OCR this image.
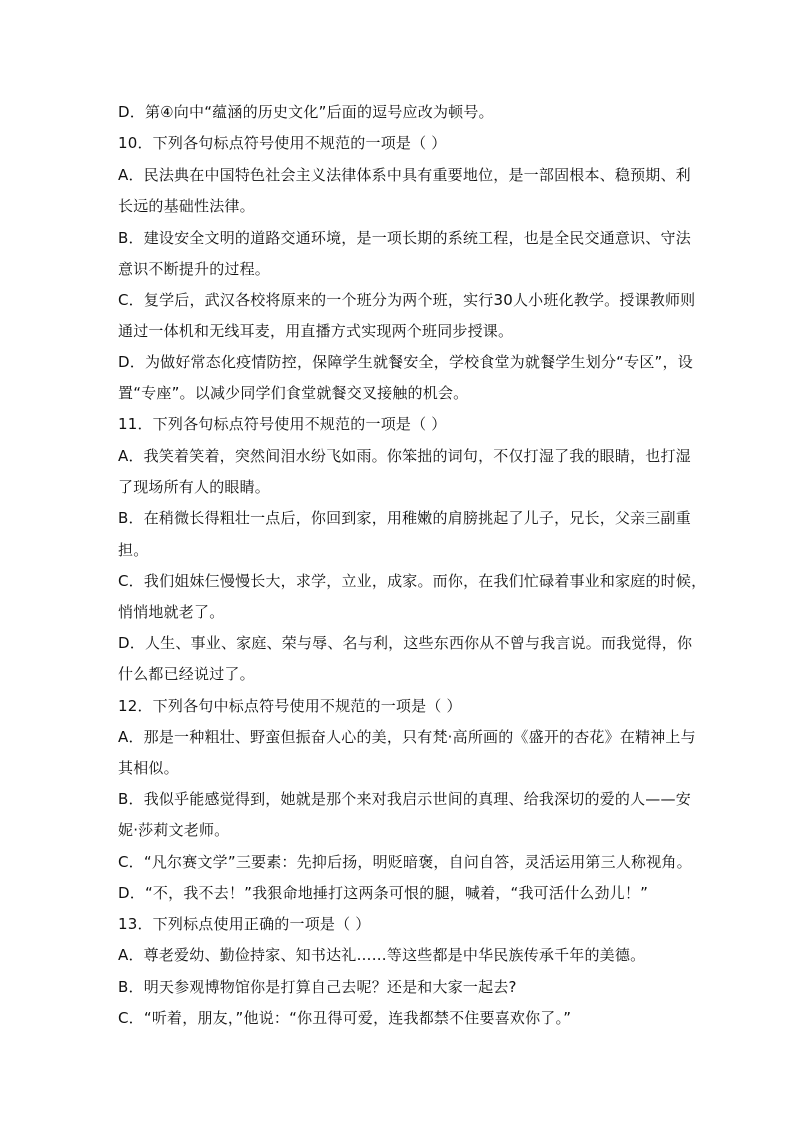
D．第④向中“蕴涵的历史文化”后面的逗号应改为顿号。
10．下列各句标点符号使用不规范的一项是（ ）
A．民法典在中国特色社会主义法律体系中具有重要地位，是一部固根本、稳预期、利
长远的基础性法律。
B．建设安全文明的道路交通环境，是一项长期的系统工程，也是全民交通意识、守法
意识不断提升的过程。
C．复学后，武汉各校将原来的一个班分为两个班，实行30人小班化教学。授课教师则
通过一体机和无线耳麦，用直播方式实现两个班同步授课。
D．为做好常态化疫情防控，保障学生就餐安全，学校食堂为就餐学生划分“专区”，设
置“专座”。以减少同学们食堂就餐交叉接触的机会。
11．下列各句标点符号使用不规范的一项是（ ）
A．我笑着笑着，突然间泪水纷飞如雨。你笨拙的词句，不仅打湿了我的眼睛，也打湿
了现场所有人的眼睛。
B．在稍微长得粗壮一点后，你回到家，用稚嫩的肩膀挑起了儿子，兄长，父亲三副重
担。
C．我们姐妹仨慢慢长大，求学，立业，成家。而你，在我们忙碌着事业和家庭的时候，
悄悄地就老了。
D．人生、事业、家庭、荣与辱、名与利，这些东西你从不曾与我言说。而我觉得，你
什么都已经说过了。
12．下列各句中标点符号使用不规范的一项是（ ）
A．那是一种粗壮、野蛮但振奋人心的美，只有梵·高所画的《盛开的杏花》在精神上与
其相似。
B．我似乎能感觉得到，她就是那个来对我启示世间的真理、给我深切的爱的人——安
妮·莎莉文老师。
C．“凡尔赛文学”三要素：先抑后扬，明贬暗褒，自问自答，灵活运用第三人称视角。
D．“不，我不去！”我狠命地捶打这两条可恨的腿，喊着，“我可活什么劲儿！”
13．下列标点使用正确的一项是（ ）
A．尊老爱幼、勤俭持家、知书达礼……等这些都是中华民族传承千年的美德。
B．明天参观博物馆你是打算自己去呢？还是和大家一起去?
C．“听着，朋友，”他说：“你丑得可爱，连我都禁不住要喜欢你了。”
